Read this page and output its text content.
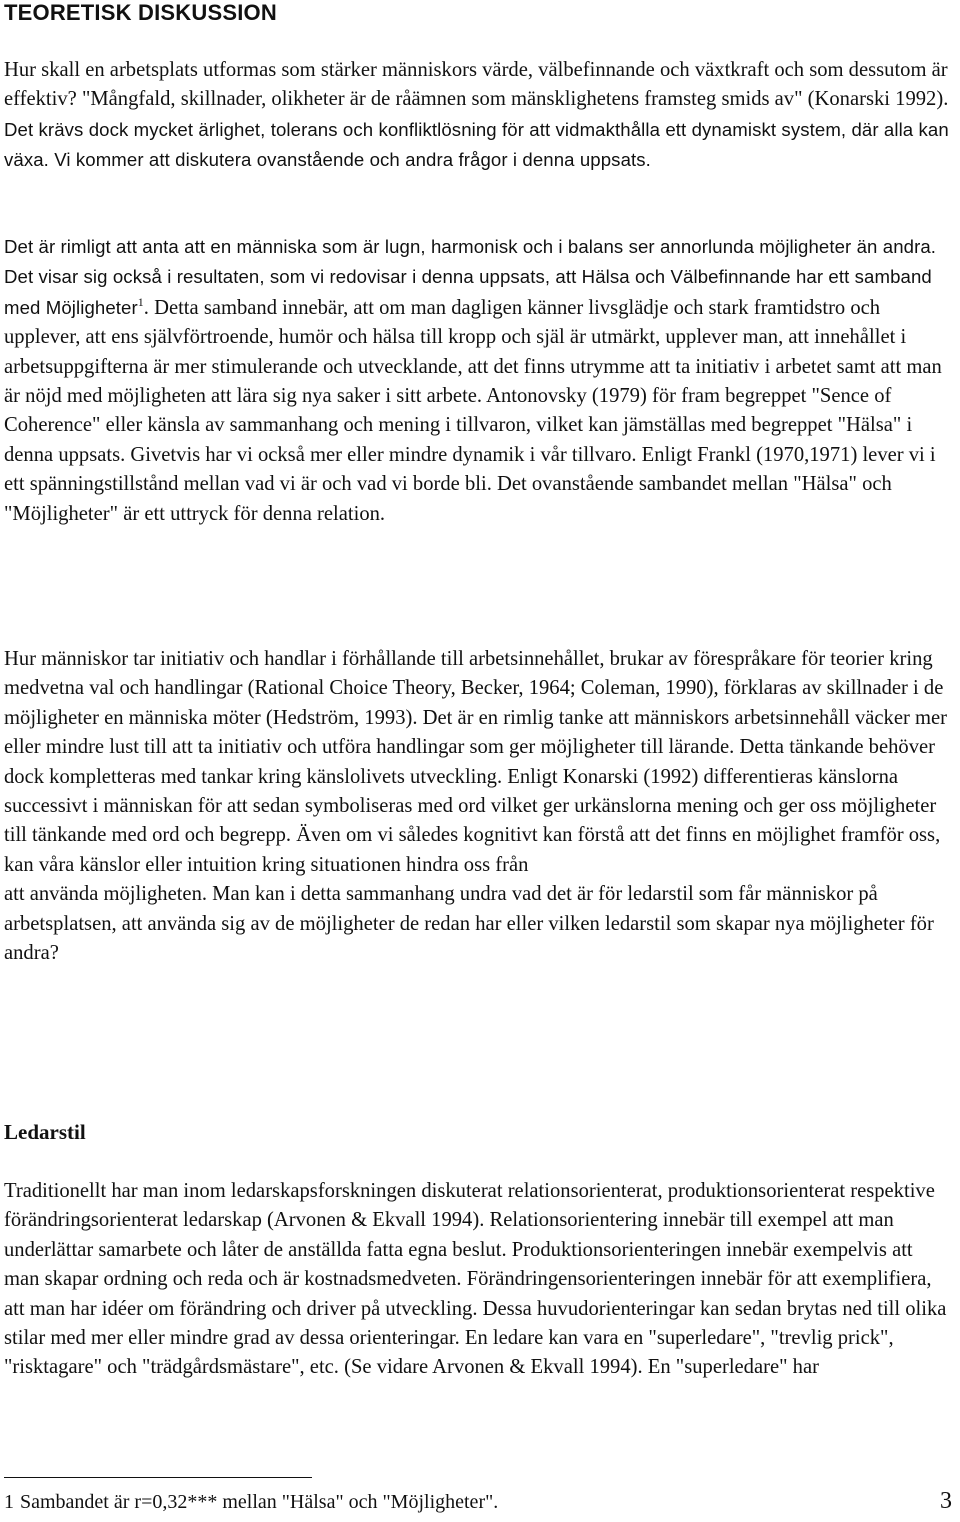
TEORETISK DISKUSSION

Hur skall en arbetsplats utformas som stärker människors värde, välbefinnande och växtkraft och som dessutom är effektiv? "Mångfald, skillnader, olikheter är de råämnen som mänsklighetens framsteg smids av" (Konarski 1992). Det krävs dock mycket ärlighet, tolerans och konfliktlösning för att vidmakthålla ett dynamiskt system, där alla kan växa. Vi kommer att diskutera ovanstående och andra frågor i denna uppsats.

Det är rimligt att anta att en människa som är lugn, harmonisk och i balans ser annorlunda möjligheter än andra. Det visar sig också i resultaten, som vi redovisar i denna uppsats, att Hälsa och Välbefinnande har ett samband med Möjligheter$^1$. Detta samband innebär, att om man dagligen känner livsglädje och stark framtidstro och upplever, att ens självförtroende, humör och hälsa till kropp och själ är utmärkt, upplever man, att innehållet i arbetsuppgifterna är mer stimulerande och utvecklande, att det finns utrymme att ta initiativ i arbetet samt att man är nöjd med möjligheten att lära sig nya saker i sitt arbete. Antonovsky (1979) för fram begreppet "Sence of Coherence" eller känsla av sammanhang och mening i tillvaron, vilket kan jämställas med begreppet "Hälsa" i denna uppsats. Givetvis har vi också mer eller mindre dynamik i vår tillvaro. Enligt Frankl (1970,1971) lever vi i ett spänningstillstånd mellan vad vi är och vad vi borde bli. Det ovanstående sambandet mellan "Hälsa" och "Möjligheter" är ett uttryck för denna relation.

Hur människor tar initiativ och handlar i förhållande till arbetsinnehållet, brukar av förespråkare för teorier kring medvetna val och handlingar (Rational Choice Theory, Becker, 1964; Coleman, 1990), förklaras av skillnader i de möjligheter en människa möter (Hedström, 1993). Det är en rimlig tanke att människors arbetsinnehåll väcker mer eller mindre lust till att ta initiativ och utföra handlingar som ger möjligheter till lärande. Detta tänkande behöver dock kompletteras med tankar kring känslolivets utveckling. Enligt Konarski (1992) differentieras känslorna successivt i människan för att sedan symboliseras med ord vilket ger urkänslorna mening och ger oss möjligheter till tänkande med ord och begrepp. Även om vi således kognitivt kan förstå att det finns en möjlighet framför oss, kan våra känslor eller intuition kring situationen hindra oss från
att använda möjligheten. Man kan i detta sammanhang undra vad det är för ledarstil som får människor på arbetsplatsen, att använda sig av de möjligheter de redan har eller vilken ledarstil som skapar nya möjligheter för andra?

Ledarstil

Traditionellt har man inom ledarskapsforskningen diskuterat relationsorienterat, produktionsorienterat respektive förändringsorienterat ledarskap (Arvonen & Ekvall 1994). Relationsorientering innebär till exempel att man underlättar samarbete och låter de anställda fatta egna beslut. Produktionsorienteringen innebär exempelvis att man skapar ordning och reda och är kostnadsmedveten. Förändringensorienteringen innebär för att exemplifiera, att man har idéer om förändring och driver på utveckling. Dessa huvudorienteringar kan sedan brytas ned till olika stilar med mer eller mindre grad av dessa orienteringar. En ledare kan vara en "superledare", "trevlig prick", "risktagare" och "trädgårdsmästare", etc. (Se vidare Arvonen & Ekvall 1994). En "superledare" har

1 Sambandet är r=0,32*** mellan "Hälsa" och "Möjligheter".	3
